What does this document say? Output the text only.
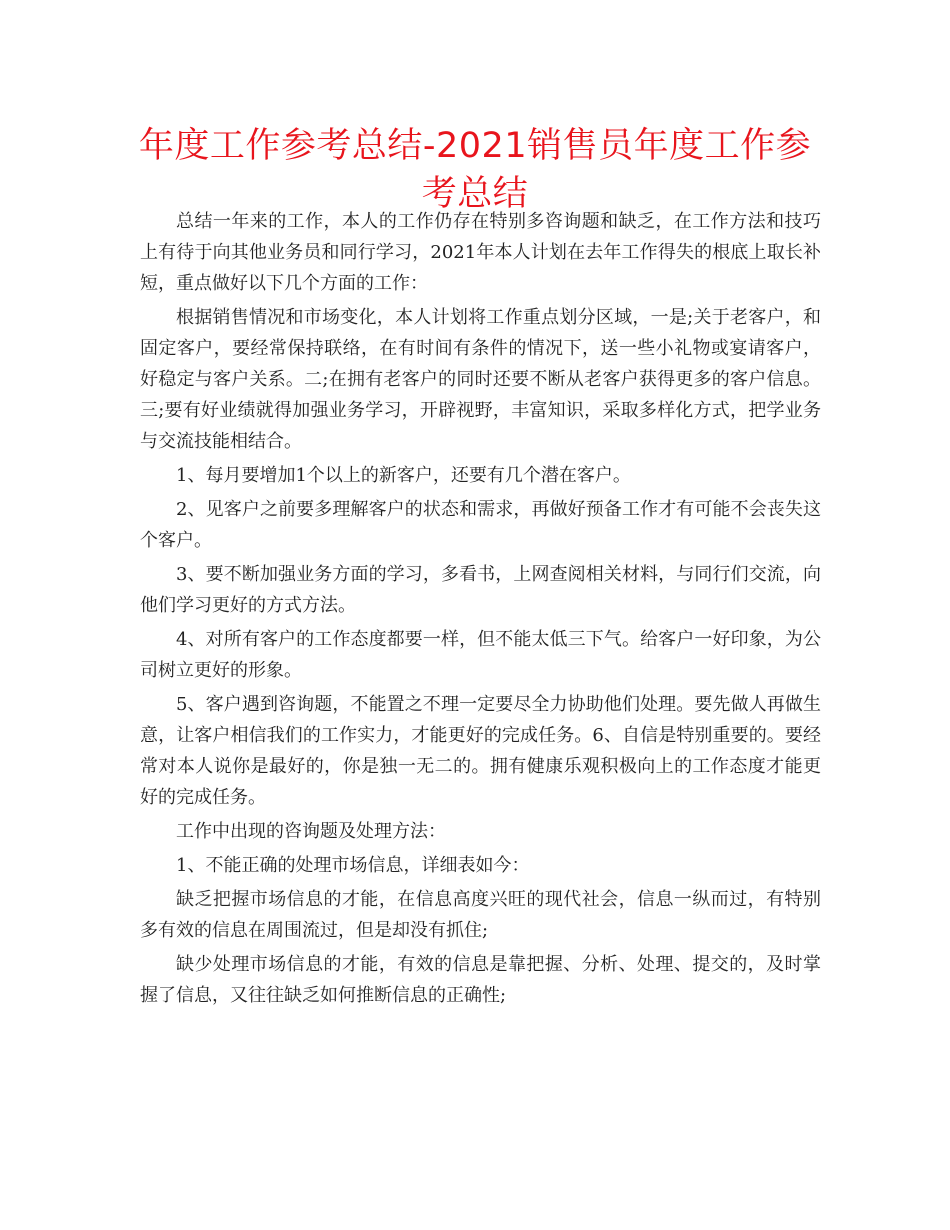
年度工作参考总结-2021销售员年度工作参考总结

总结一年来的工作，本人的工作仍存在特别多咨询题和缺乏，在工作方法和技巧上有待于向其他业务员和同行学习，2021年本人计划在去年工作得失的根底上取长补短，重点做好以下几个方面的工作：

根据销售情况和市场变化，本人计划将工作重点划分区域，一是;关于老客户，和固定客户，要经常保持联络，在有时间有条件的情况下，送一些小礼物或宴请客户，好稳定与客户关系。二;在拥有老客户的同时还要不断从老客户获得更多的客户信息。三;要有好业绩就得加强业务学习，开辟视野，丰富知识，采取多样化方式，把学业务与交流技能相结合。

1、每月要增加1个以上的新客户，还要有几个潜在客户。

2、见客户之前要多理解客户的状态和需求，再做好预备工作才有可能不会丧失这个客户。

3、要不断加强业务方面的学习，多看书，上网查阅相关材料，与同行们交流，向他们学习更好的方式方法。

4、对所有客户的工作态度都要一样，但不能太低三下气。给客户一好印象，为公司树立更好的形象。

5、客户遇到咨询题，不能置之不理一定要尽全力协助他们处理。要先做人再做生意，让客户相信我们的工作实力，才能更好的完成任务。6、自信是特别重要的。要经常对本人说你是最好的，你是独一无二的。拥有健康乐观积极向上的工作态度才能更好的完成任务。

工作中出现的咨询题及处理方法：

1、不能正确的处理市场信息，详细表如今：

缺乏把握市场信息的才能，在信息高度兴旺的现代社会，信息一纵而过，有特别多有效的信息在周围流过，但是却没有抓住;

缺少处理市场信息的才能，有效的信息是靠把握、分析、处理、提交的，及时掌握了信息，又往往缺乏如何推断信息的正确性;
